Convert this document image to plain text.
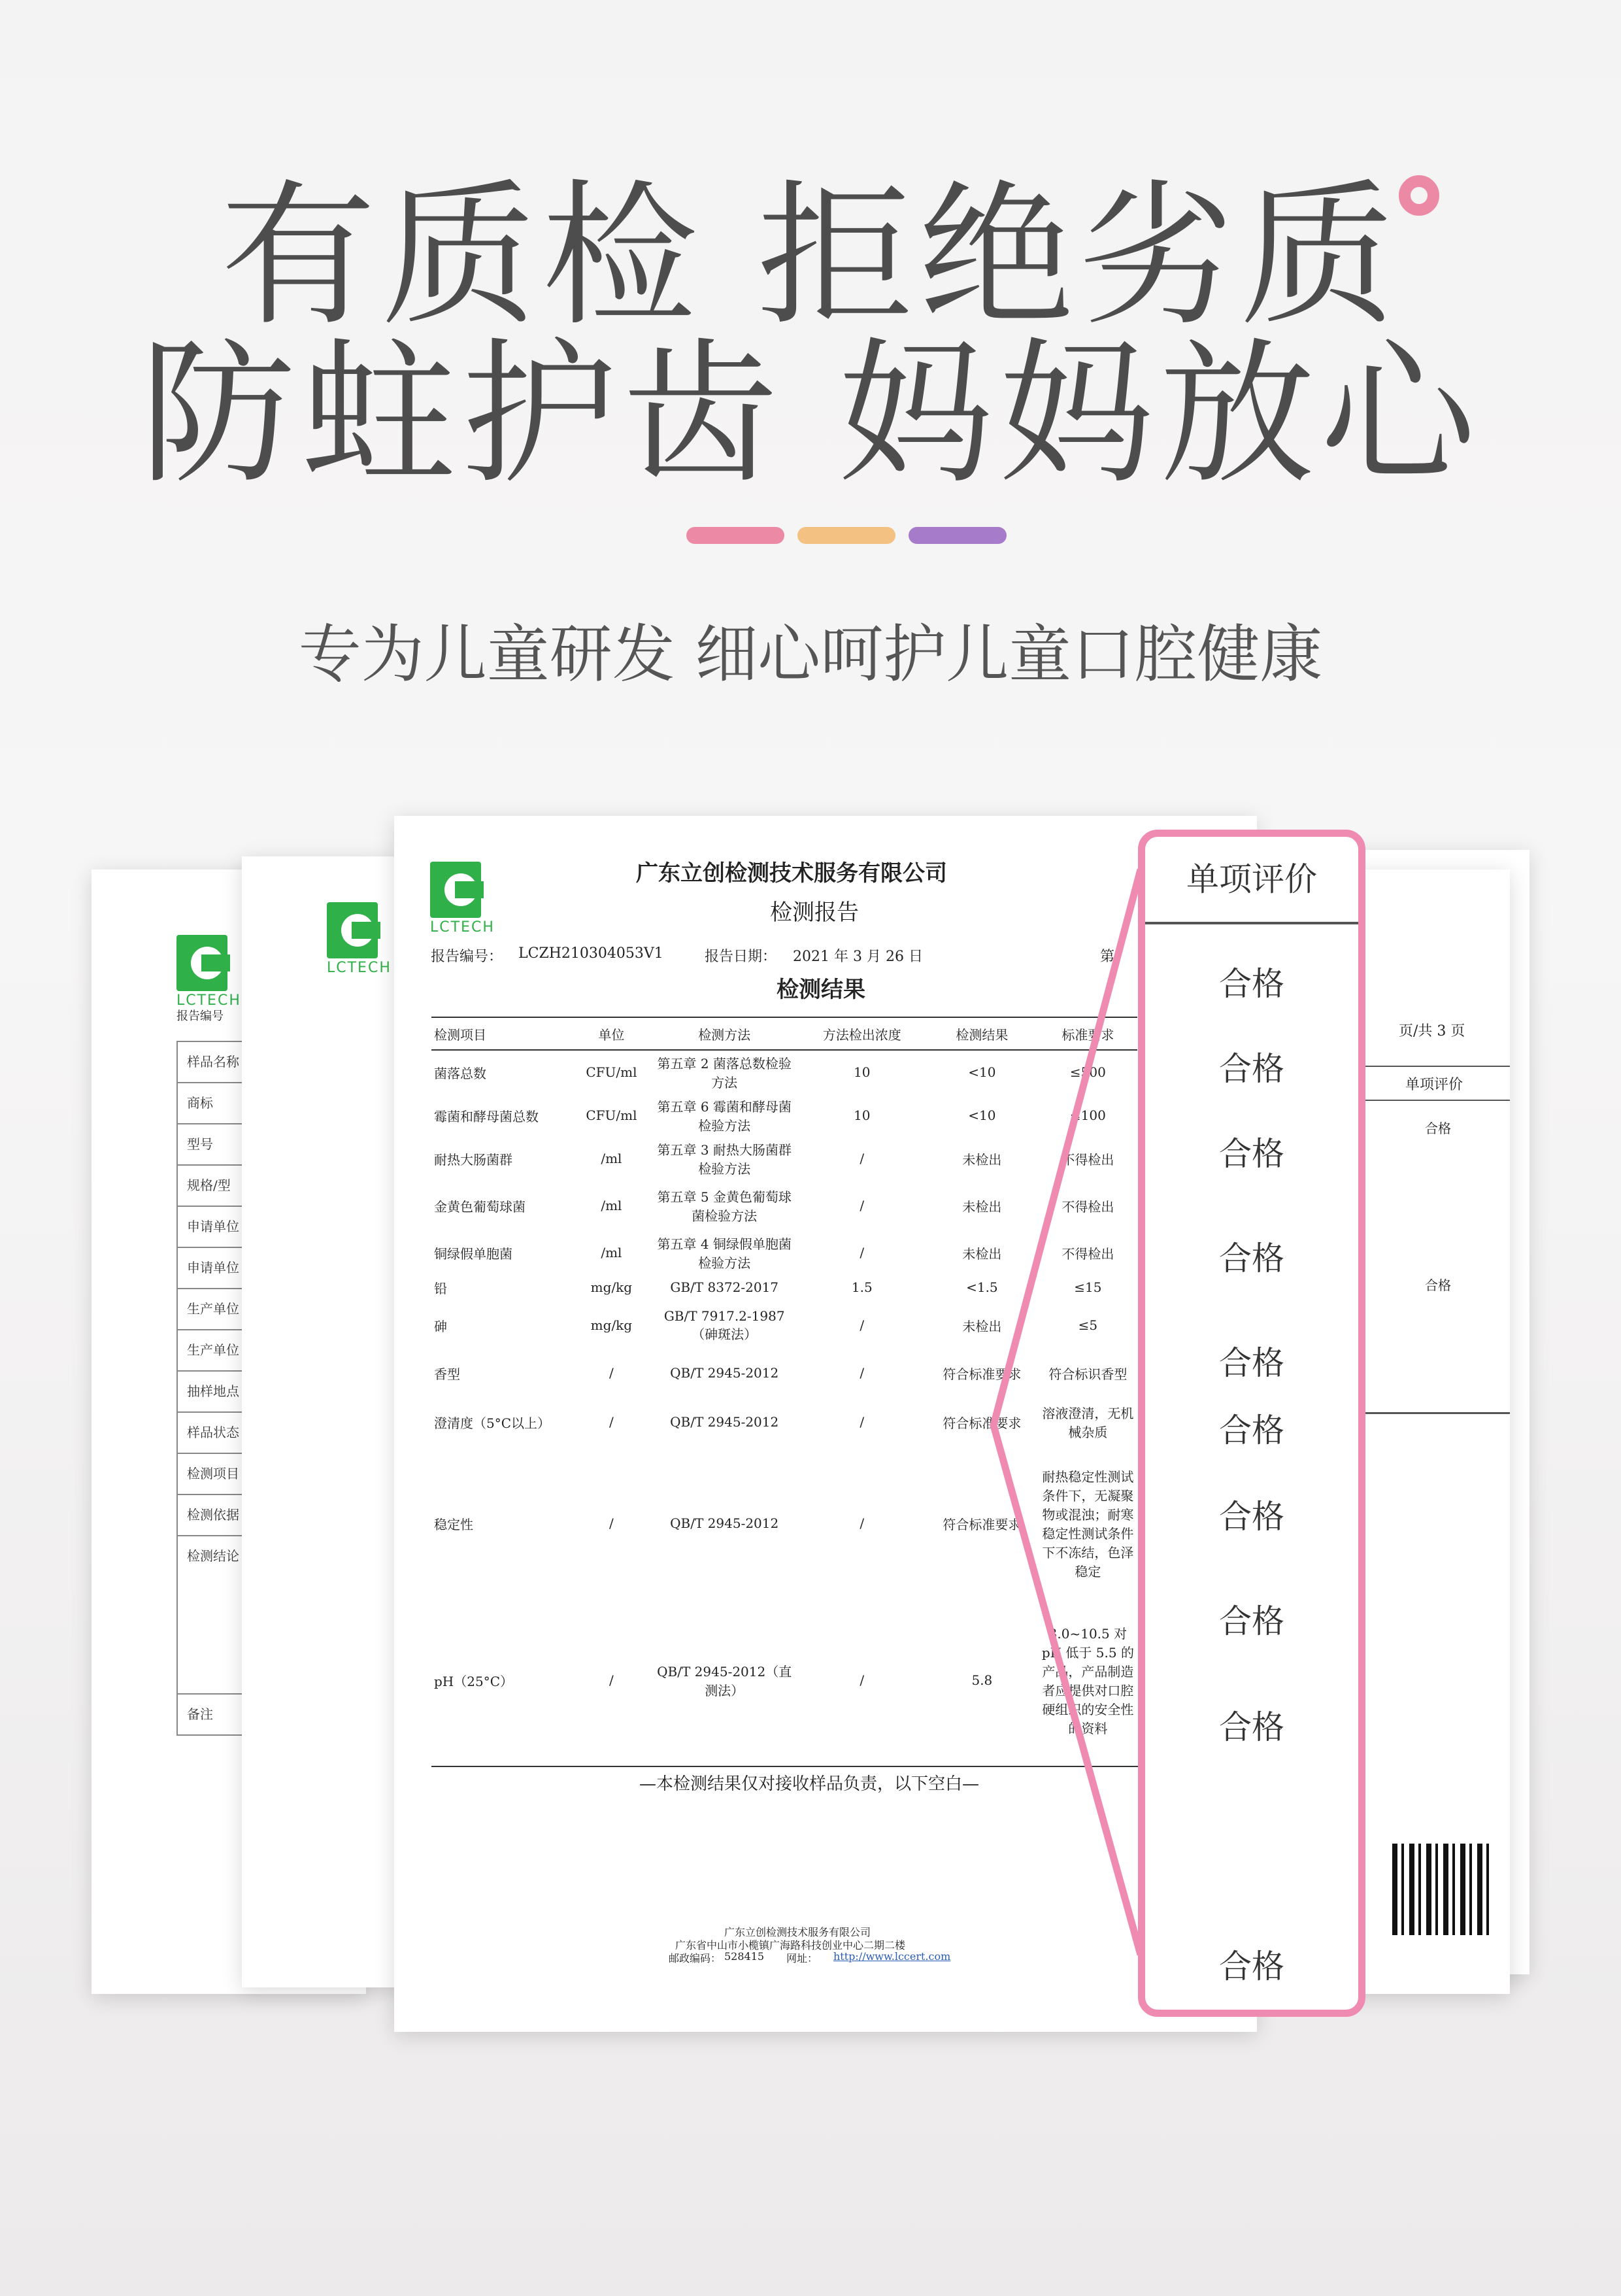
有质检 拒绝劣质
防蛀护齿 妈妈放心
专为儿童研发 细心呵护儿童口腔健康
页/共 3 页
单项评价
合格
合格
LCTECH
报告编号
样品名称
商标
型号
规格/型
申请单位
申请单位
生产单位
生产单位
抽样地点
样品状态
检测项目
检测依据
检测结论
备注
LCTECH
LCTECH
广东立创检测技术服务有限公司
检测报告
报告编号： LCZH210304053V1	报告日期： 2021 年 3 月 26 日	第
检测结果
—本检测结果仅对接收样品负责，以下空白—
广东立创检测技术服务有限公司
广东省中山市小榄镇广海路科技创业中心二期二楼
邮政编码： 528415 网址： http://www.lccert.com
检测项目	单位	检测方法	方法检出浓度	检测结果	标准要求
菌落总数	CFU/ml	第五章 2 菌落总数检验方法	10	<10	≤500
霉菌和酵母菌总数	CFU/ml	第五章 6 霉菌和酵母菌检验方法	10	<10	≤100
耐热大肠菌群	/ml	第五章 3 耐热大肠菌群检验方法	/	未检出	不得检出
金黄色葡萄球菌	/ml	第五章 5 金黄色葡萄球菌检验方法	/	未检出	不得检出
铜绿假单胞菌	/ml	第五章 4 铜绿假单胞菌检验方法	/	未检出	不得检出
铅	mg/kg	GB/T 8372-2017	1.5	<1.5	≤15
砷	mg/kg	GB/T 7917.2-1987（砷斑法）	/	未检出	≤5
香型	/	QB/T 2945-2012	/	符合标准要求	符合标识香型
澄清度（5°C以上）	/	QB/T 2945-2012	/	符合标准要求	溶液澄清，无机械杂质
稳定性	/	QB/T 2945-2012	/	符合标准要求	耐热稳定性测试条件下，无凝聚物或混浊；耐寒稳定性测试条件下不冻结，色泽稳定
pH（25°C）	/	QB/T 2945-2012（直测法）	/	5.8	3.0~10.5 对 pH 低于 5.5 的产品，产品制造者应提供对口腔硬组织的安全性的资料
单项评价
合格
合格
合格
合格
合格
合格
合格
合格
合格
合格
